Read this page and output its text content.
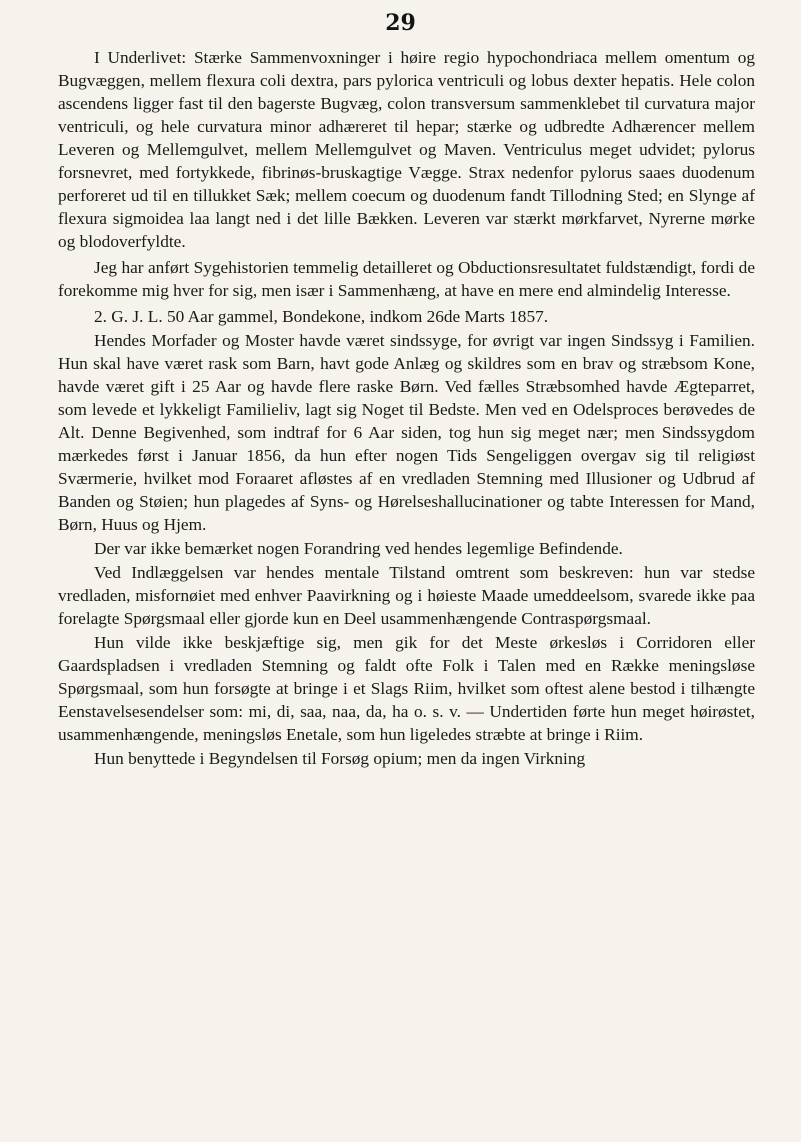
29

I Underlivet: Stærke Sammenvoxninger i høire regio hypochondriaca mellem omentum og Bugvæggen, mellem flexura coli dextra, pars pylorica ventriculi og lobus dexter hepatis. Hele colon ascendens ligger fast til den bagerste Bugvæg, colon transversum sammenklebet til curvatura major ventriculi, og hele curvatura minor adhæreret til hepar; stærke og udbredte Adhærencer mellem Leveren og Mellemgulvet, mellem Mellemgulvet og Maven. Ventriculus meget udvidet; pylorus forsnevret, med fortykkede, fibrinøs-bruskagtige Vægge. Strax nedenfor pylorus saaes duodenum perforeret ud til en tillukket Sæk; mellem coecum og duodenum fandt Tillodning Sted; en Slynge af flexura sigmoidea laa langt ned i det lille Bækken. Leveren var stærkt mørkfarvet, Nyrerne mørke og blodoverfyldte.

Jeg har anført Sygehistorien temmelig detailleret og Obductionsresultatet fuldstændigt, fordi de forekomme mig hver for sig, men især i Sammenhæng, at have en mere end almindelig Interesse.

2. G. J. L. 50 Aar gammel, Bondekone, indkom 26de Marts 1857.

Hendes Morfader og Moster havde været sindssyge, for øvrigt var ingen Sindssyg i Familien. Hun skal have været rask som Barn, havt gode Anlæg og skildres som en brav og stræbsom Kone, havde været gift i 25 Aar og havde flere raske Børn. Ved fælles Stræbsomhed havde Ægteparret, som levede et lykkeligt Familieliv, lagt sig Noget til Bedste. Men ved en Odelsproces berøvedes de Alt. Denne Begivenhed, som indtraf for 6 Aar siden, tog hun sig meget nær; men Sindssygdom mærkedes først i Januar 1856, da hun efter nogen Tids Sengeliggen overgav sig til religiøst Sværmerie, hvilket mod Foraaret afløstes af en vredladen Stemning med Illusioner og Udbrud af Banden og Støien; hun plagedes af Syns- og Hørelseshallucinationer og tabte Interessen for Mand, Børn, Huus og Hjem.

Der var ikke bemærket nogen Forandring ved hendes legemlige Befindende.

Ved Indlæggelsen var hendes mentale Tilstand omtrent som beskreven: hun var stedse vredladen, misfornøiet med enhver Paavirkning og i høieste Maade umeddeelsom, svarede ikke paa forelagte Spørgsmaal eller gjorde kun en Deel usammenhængende Contraspørgsmaal.

Hun vilde ikke beskjæftige sig, men gik for det Meste ørkesløs i Corridoren eller Gaardspladsen i vredladen Stemning og faldt ofte Folk i Talen med en Række meningsløse Spørgsmaal, som hun forsøgte at bringe i et Slags Riim, hvilket som oftest alene bestod i tilhængte Eenstavelsesendelser som: mi, di, saa, naa, da, ha o. s. v. — Undertiden førte hun meget høirøstet, usammenhængende, meningsløs Enetale, som hun ligeledes stræbte at bringe i Riim.

Hun benyttede i Begyndelsen til Forsøg opium; men da ingen Virkning
